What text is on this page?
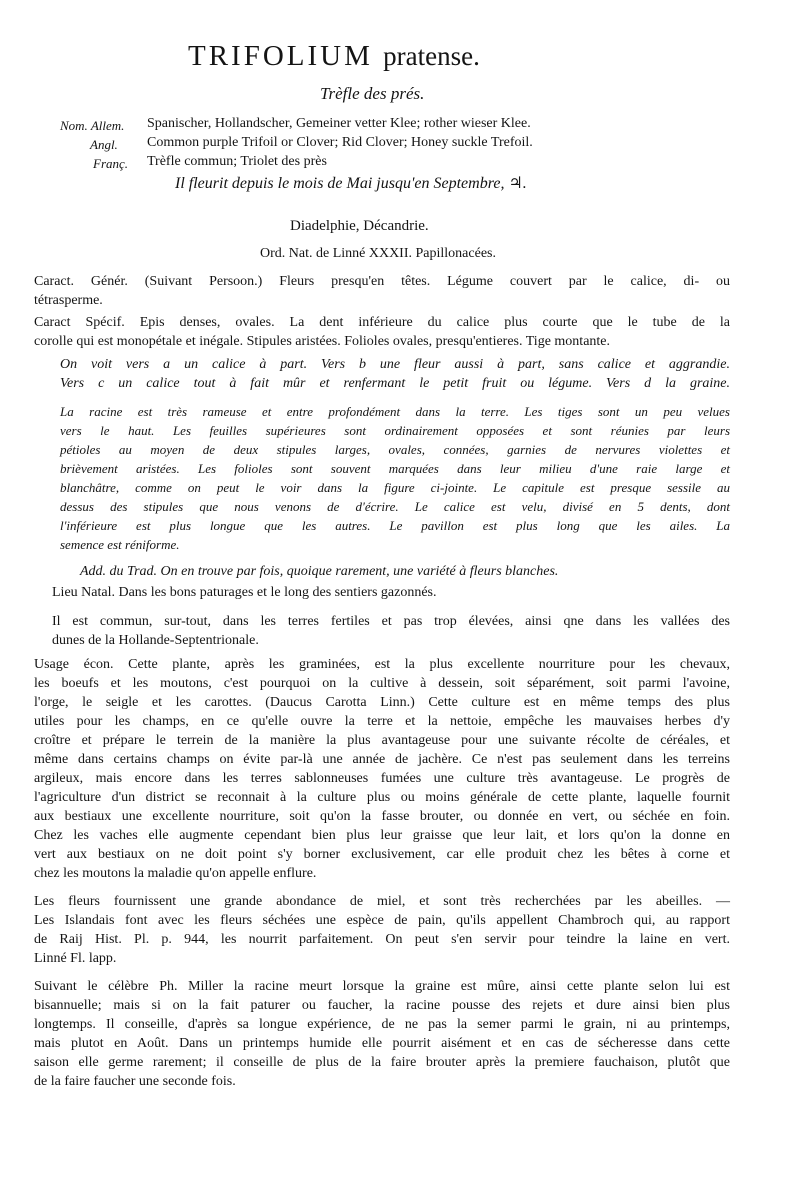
TRIFOLIUM pratense.
Trèfle des prés.
Nom. Allem. Spanischer, Hollandscher, Gemeiner vetter Klee; rother wieser Klee.
Angl. Common purple Trifoil or Clover; Rid Clover; Honey suckle Trefoil.
Franç. Trèfle commun; Triolet des près
Il fleurit depuis le mois de Mai jusqu'en Septembre, ♃.
Diadelphie, Décandrie.
Ord. Nat. de Linné XXXII. Papillonacées.
Caract. Génér. (Suivant Persoon.) Fleurs presqu'en têtes. Légume couvert par le calice, di- ou
tétrasperme.
Caract Spécif. Epis denses, ovales. La dent inférieure du calice plus courte que le tube de la
corolle qui est monopétale et inégale. Stipules aristées. Folioles ovales, presqu'entieres. Tige montante.
On voit vers a un calice à part. Vers b une fleur aussi à part, sans calice et aggrandie.
Vers c un calice tout à fait mûr et renfermant le petit fruit ou légume. Vers d la graine.
La racine est très rameuse et entre profondément dans la terre. Les tiges sont un peu velues
vers le haut. Les feuilles supérieures sont ordinairement opposées et sont réunies par leurs
pétioles au moyen de deux stipules larges, ovales, connées, garnies de nervures violettes et
brièvement aristées. Les folioles sont souvent marquées dans leur milieu d'une raie large et
blanchâtre, comme on peut le voir dans la figure ci-jointe. Le capitule est presque sessile au
dessus des stipules que nous venons de d'écrire. Le calice est velu, divisé en 5 dents, dont
l'inférieure est plus longue que les autres. Le pavillon est plus long que les ailes. La
semence est réniforme.
Add. du Trad. On en trouve par fois, quoique rarement, une variété à fleurs blanches.
Lieu Natal. Dans les bons paturages et le long des sentiers gazonnés.
Il est commun, sur-tout, dans les terres fertiles et pas trop élevées, ainsi qne dans les vallées des
dunes de la Hollande-Septentrionale.
Usage écon. Cette plante, après les graminées, est la plus excellente nourriture pour les chevaux,
les boeufs et les moutons, c'est pourquoi on la cultive à dessein, soit séparément, soit parmi l'avoine,
l'orge, le seigle et les carottes. (Daucus Carotta Linn.) Cette culture est en même temps des plus
utiles pour les champs, en ce qu'elle ouvre la terre et la nettoie, empêche les mauvaises herbes d'y
croître et prépare le terrein de la manière la plus avantageuse pour une suivante récolte de céréales, et
même dans certains champs on évite par-là une année de jachère. Ce n'est pas seulement dans les terreins
argileux, mais encore dans les terres sablonneuses fumées une culture très avantageuse. Le progrès de
l'agriculture d'un district se reconnait à la culture plus ou moins générale de cette plante, laquelle fournit
aux bestiaux une excellente nourriture, soit qu'on la fasse brouter, ou donnée en vert, ou séchée en foin.
Chez les vaches elle augmente cependant bien plus leur graisse que leur lait, et lors qu'on la donne en
vert aux bestiaux on ne doit point s'y borner exclusivement, car elle produit chez les bêtes à corne et
chez les moutons la maladie qu'on appelle enflure.
Les fleurs fournissent une grande abondance de miel, et sont très recherchées par les abeilles. —
Les Islandais font avec les fleurs séchées une espèce de pain, qu'ils appellent Chambroch qui, au rapport
de Raij Hist. Pl. p. 944, les nourrit parfaitement. On peut s'en servir pour teindre la laine en vert.
Linné Fl. lapp.
Suivant le célèbre Ph. Miller la racine meurt lorsque la graine est mûre, ainsi cette plante selon lui est
bisannuelle; mais si on la fait paturer ou faucher, la racine pousse des rejets et dure ainsi bien plus
longtemps. Il conseille, d'après sa longue expérience, de ne pas la semer parmi le grain, ni au printemps,
mais plutot en Août. Dans un printemps humide elle pourrit aisément et en cas de sécheresse dans cette
saison elle germe rarement; il conseille de plus de la faire brouter après la premiere fauchaison, plutôt que
de la faire faucher une seconde fois.
